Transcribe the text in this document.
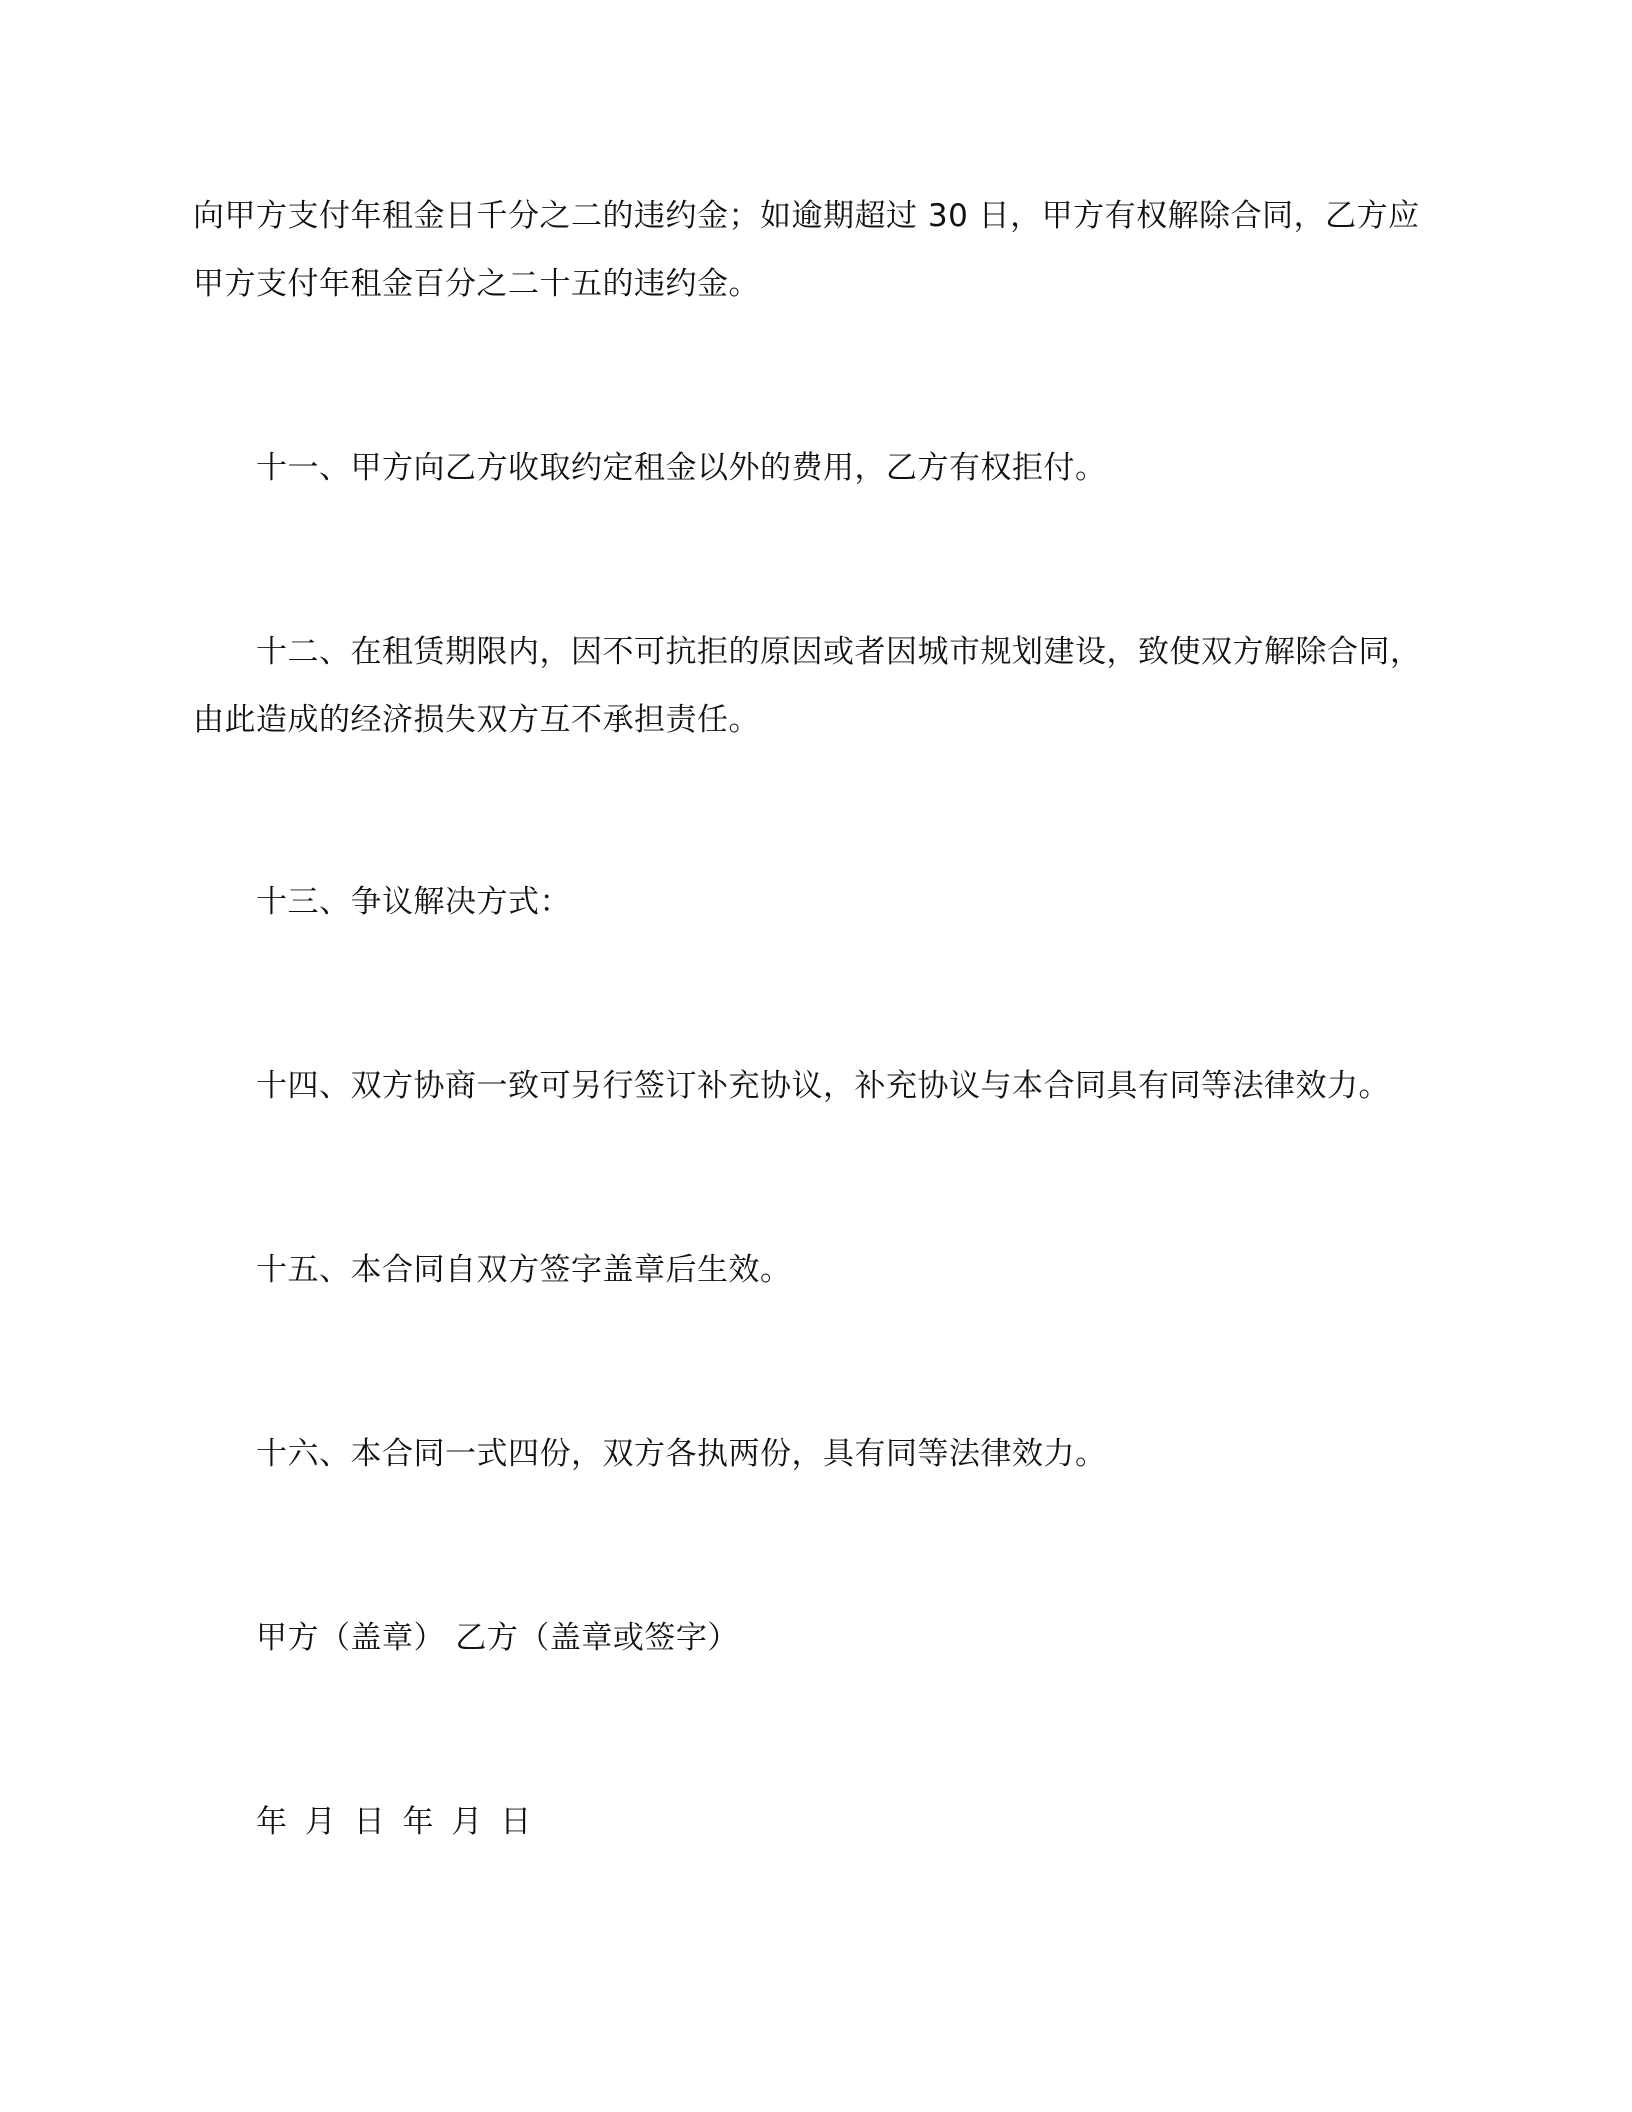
向甲方支付年租金日千分之二的违约金；如逾期超过 30 日，甲方有权解除合同，乙方应
甲方支付年租金百分之二十五的违约金。
十一、甲方向乙方收取约定租金以外的费用，乙方有权拒付。
十二、在租赁期限内，因不可抗拒的原因或者因城市规划建设，致使双方解除合同，
由此造成的经济损失双方互不承担责任。
十三、争议解决方式：
十四、双方协商一致可另行签订补充协议，补充协议与本合同具有同等法律效力。
十五、本合同自双方签字盖章后生效。
十六、本合同一式四份，双方各执两份，具有同等法律效力。
甲方（盖章） 乙方（盖章或签字）
年 月 日 年 月 日
